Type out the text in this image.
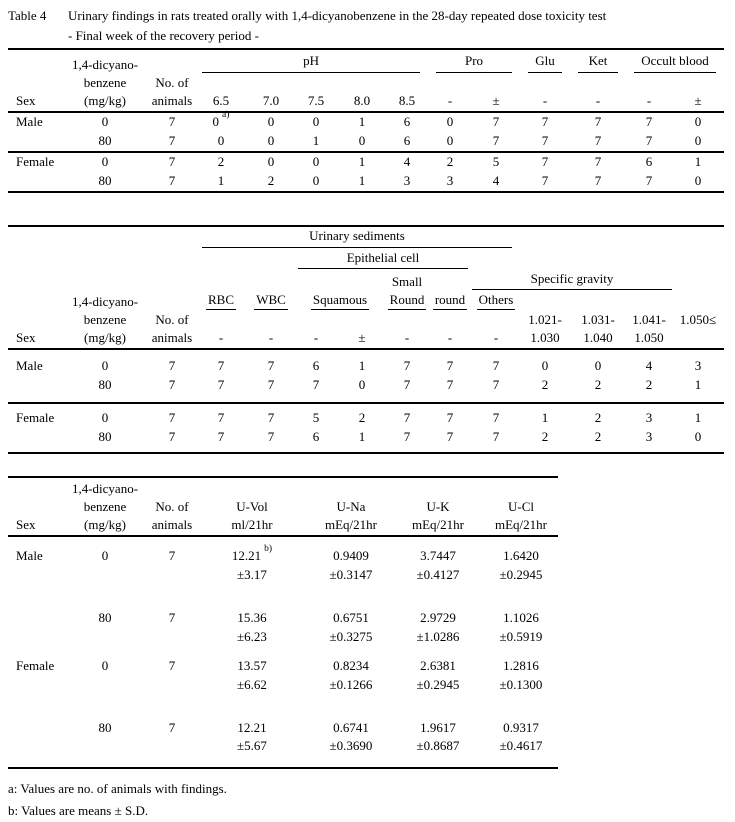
Table 4	Urinary findings in rats treated orally with 1,4-dicyanobenzene in the 28-day repeated dose toxicity test
- Final week of the recovery period -
	1,4-dicyano-		pH					Pro		Glu	Ket	Occult blood	

	benzene	No. of											
Sex	(mg/kg)	animals	6.5	7.0	7.5	8.0	8.5	-	±	-	-	-	±
Male	0	7	0 $^{a)}$	0	0	1	6	0	7	7	7	7	0
	80	7	0	0	1	0	6	0	7	7	7	7	0
Female	0	7	2	0	0	1	4	2	5	7	7	6	1
	80	7	1	2	0	1	3	3	4	7	7	7	0

			Urinary sediments										

					Epithelial cell								

							Small		Specific gravity				

	1,4-dicyano-		RBC	WBC	Squamous		Round	round	Others				
	benzene	No. of								1.021-	1.031-	1.041-	1.050≤
Sex	(mg/kg)	animals	-	-	-	±	-	-	-	1.030	1.040	1.050	
Male	0	7	7	7	6	1	7	7	7	0	0	4	3
	80	7	7	7	7	0	7	7	7	2	2	2	1
Female	0	7	7	7	5	2	7	7	7	1	2	3	1
	80	7	7	7	6	1	7	7	7	2	2	3	0
	1,4-dicyano-					
	benzene	No. of	U-Vol	U-Na	U-K	U-Cl
Sex	(mg/kg)	animals	ml/21hr	mEq/21hr	mEq/21hr	mEq/21hr
Male	0	7	12.21 $^{b)}$	0.9409	3.7447	1.6420
			±3.17	±0.3147	±0.4127	±0.2945

	80	7	15.36	0.6751	2.9729	1.1026
			±6.23	±0.3275	±1.0286	±0.5919
Female	0	7	13.57	0.8234	2.6381	1.2816
			±6.62	±0.1266	±0.2945	±0.1300

	80	7	12.21	0.6741	1.9617	0.9317
			±5.67	±0.3690	±0.8687	±0.4617
a: Values are no. of animals with findings.
b: Values are means ± S.D.
